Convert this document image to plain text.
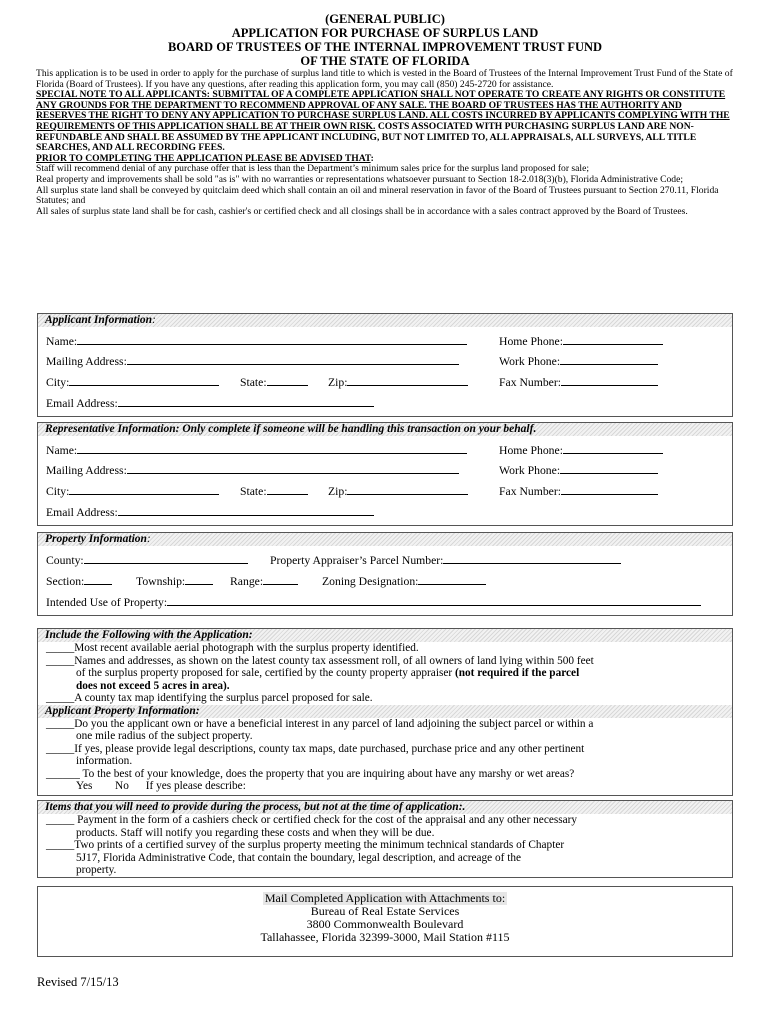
(GENERAL PUBLIC)
APPLICATION FOR PURCHASE OF SURPLUS LAND
BOARD OF TRUSTEES OF THE INTERNAL IMPROVEMENT TRUST FUND
OF THE STATE OF FLORIDA

This application is to be used in order to apply for the purchase of surplus land title to which is vested in the Board of Trustees of the Internal Improvement Trust Fund of the State of Florida (Board of Trustees). If you have any questions, after reading this application form, you may call (850) 245-2720 for assistance.

SPECIAL NOTE TO ALL APPLICANTS: SUBMITTAL OF A COMPLETE APPLICATION SHALL NOT OPERATE TO CREATE ANY RIGHTS OR CONSTITUTE ANY GROUNDS FOR THE DEPARTMENT TO RECOMMEND APPROVAL OF ANY SALE. THE BOARD OF TRUSTEES HAS THE AUTHORITY AND RESERVES THE RIGHT TO DENY ANY APPLICATION TO PURCHASE SURPLUS LAND. ALL COSTS INCURRED BY APPLICANTS COMPLYING WITH THE REQUIREMENTS OF THIS APPLICATION SHALL BE AT THEIR OWN RISK. COSTS ASSOCIATED WITH PURCHASING SURPLUS LAND ARE NON-REFUNDABLE AND SHALL BE ASSUMED BY THE APPLICANT INCLUDING, BUT NOT LIMITED TO, ALL APPRAISALS, ALL SURVEYS, ALL TITLE SEARCHES, AND ALL RECORDING FEES.

PRIOR TO COMPLETING THE APPLICATION PLEASE BE ADVISED THAT:

Staff will recommend denial of any purchase offer that is less than the Department’s minimum sales price for the surplus land proposed for sale;

Real property and improvements shall be sold "as is" with no warranties or representations whatsoever pursuant to Section 18-2.018(3)(b), Florida Administrative Code;

All surplus state land shall be conveyed by quitclaim deed which shall contain an oil and mineral reservation in favor of the Board of Trustees pursuant to Section 270.11, Florida Statutes; and

All sales of surplus state land shall be for cash, cashier's or certified check and all closings shall be in accordance with a sales contract approved by the Board of Trustees.

Applicant Information:
Name:	Home Phone:
Mailing Address:	Work Phone:
City:	State:	Zip:	Fax Number:
Email Address:
Representative Information: Only complete if someone will be handling this transaction on your behalf.
Name:	Home Phone:
Mailing Address:	Work Phone:
City:	State:	Zip:	Fax Number:
Email Address:
Property Information:
County:	Property Appraiser’s Parcel Number:
Section:	Township:	Range:	Zoning Designation:
Intended Use of Property:
Include the Following with the Application:
_____Most recent available aerial photograph with the surplus property identified.
_____Names and addresses, as shown on the latest county tax assessment roll, of all owners of land lying within 500 feet
of the surplus property proposed for sale, certified by the county property appraiser (not required if the parcel
does not exceed 5 acres in area).
_____A county tax map identifying the surplus parcel proposed for sale.
Applicant Property Information:
_____Do you the applicant own or have a beneficial interest in any parcel of land adjoining the subject parcel or within a
one mile radius of the subject property.
_____If yes, please provide legal descriptions, county tax maps, date purchased, purchase price and any other pertinent
information.
______ To the best of your knowledge, does the property that you are inquiring about have any marshy or wet areas?
Yes        No      If yes please describe:
Items that you will need to provide during the process, but not at the time of application:.
_____ Payment in the form of a cashiers check or certified check for the cost of the appraisal and any other necessary
products. Staff will notify you regarding these costs and when they will be due.
_____Two prints of a certified survey of the surplus property meeting the minimum technical standards of Chapter
5J17, Florida Administrative Code, that contain the boundary, legal description, and acreage of the
property.
Mail Completed Application with Attachments to:
Bureau of Real Estate Services
3800 Commonwealth Boulevard
Tallahassee, Florida 32399-3000, Mail Station #115
Revised 7/15/13
